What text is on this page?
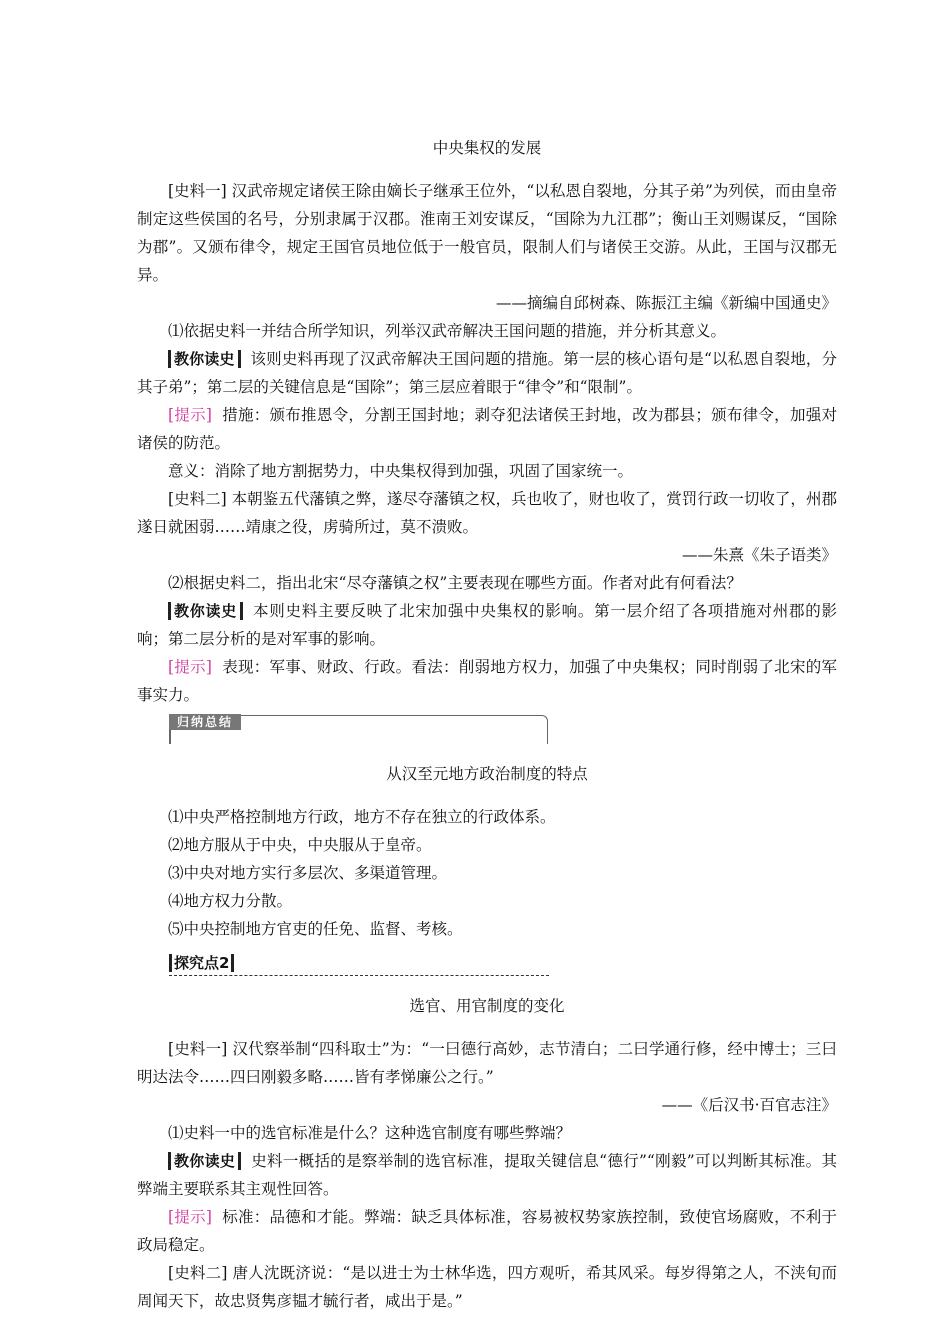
中央集权的发展

[史料一] 汉武帝规定诸侯王除由嫡长子继承王位外，“以私恩自裂地，分其子弟”为列侯，而由皇帝制定这些侯国的名号，分别隶属于汉郡。淮南王刘安谋反，“国除为九江郡”；衡山王刘赐谋反，“国除为郡”。又颁布律令，规定王国官员地位低于一般官员，限制人们与诸侯王交游。从此，王国与汉郡无异。

——摘编自邱树森、陈振江主编《新编中国通史》

⑴依据史料一并结合所学知识，列举汉武帝解决王国问题的措施，并分析其意义。

教你读史 该则史料再现了汉武帝解决王国问题的措施。第一层的核心语句是“以私恩自裂地，分其子弟”；第二层的关键信息是“国除”；第三层应着眼于“律令”和“限制”。

[提示] 措施：颁布推恩令，分割王国封地；剥夺犯法诸侯王封地，改为郡县；颁布律令，加强对诸侯的防范。

意义：消除了地方割据势力，中央集权得到加强，巩固了国家统一。

[史料二] 本朝鉴五代藩镇之弊，遂尽夺藩镇之权，兵也收了，财也收了，赏罚行政一切收了，州郡遂日就困弱……靖康之役，虏骑所过，莫不溃败。

——朱熹《朱子语类》

⑵根据史料二，指出北宋“尽夺藩镇之权”主要表现在哪些方面。作者对此有何看法？

教你读史 本则史料主要反映了北宋加强中央集权的影响。第一层介绍了各项措施对州郡的影响；第二层分析的是对军事的影响。

[提示] 表现：军事、财政、行政。看法：削弱地方权力，加强了中央集权；同时削弱了北宋的军事实力。

归纳总结

从汉至元地方政治制度的特点

⑴中央严格控制地方行政，地方不存在独立的行政体系。

⑵地方服从于中央，中央服从于皇帝。

⑶中央对地方实行多层次、多渠道管理。

⑷地方权力分散。

⑸中央控制地方官吏的任免、监督、考核。

探究点2

选官、用官制度的变化

[史料一] 汉代察举制“四科取士”为：“一曰德行高妙，志节清白；二曰学通行修，经中博士；三曰明达法令……四曰刚毅多略……皆有孝悌廉公之行。”

——《后汉书·百官志注》

⑴史料一中的选官标准是什么？这种选官制度有哪些弊端？

教你读史 史料一概括的是察举制的选官标准，提取关键信息“德行”“刚毅”可以判断其标准。其弊端主要联系其主观性回答。

[提示] 标准：品德和才能。弊端：缺乏具体标准，容易被权势家族控制，致使官场腐败，不利于政局稳定。

[史料二] 唐人沈既济说：“是以进士为士林华选，四方观听，希其风采。每岁得第之人，不浃旬而周闻天下，故忠贤隽彦韫才毓行者，咸出于是。”
